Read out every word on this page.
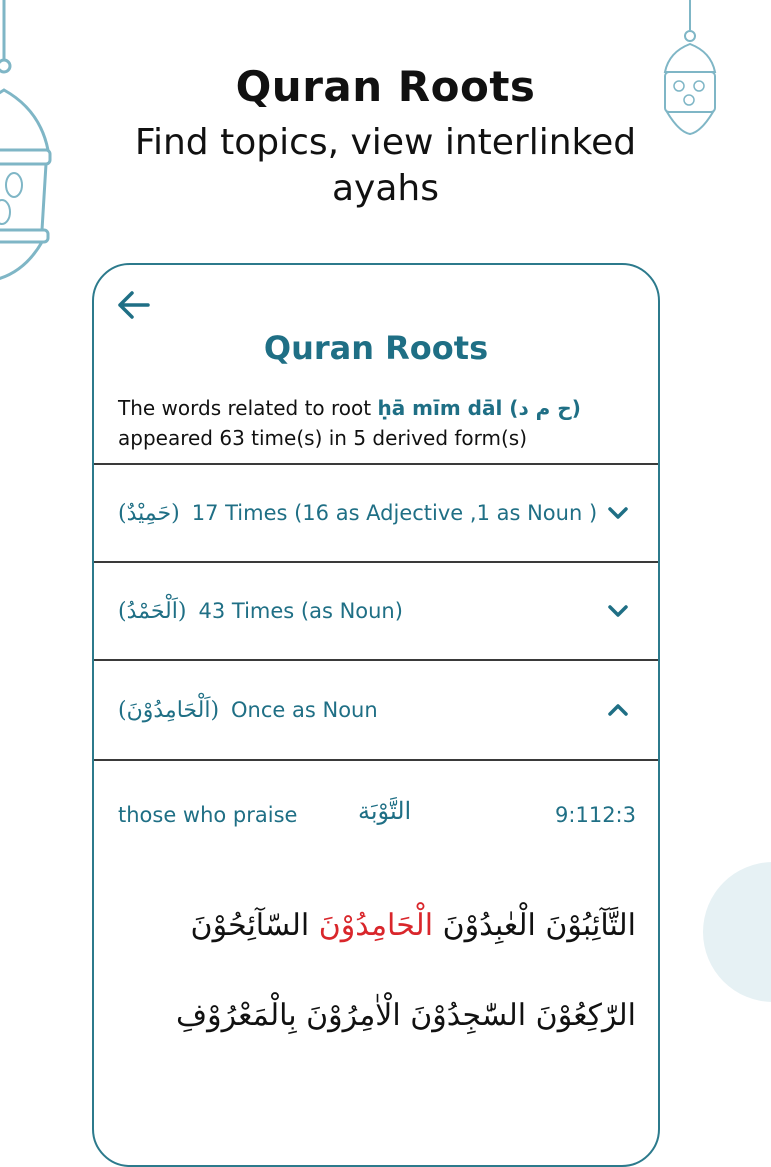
Quran Roots
Find topics, view interlinked ayahs
Quran Roots
The words related to root ḥā mīm dāl (ح م د)
appeared 63 time(s) in 5 derived form(s)
(حَمِيْدٌ) 17 Times (16 as Adjective ,1 as Noun )
(اَلْحَمْدُ) 43 Times (as Noun)
(اَلْحَامِدُوْنَ) Once as Noun
those who praise	التَّوْبَة	9:112:3
التَّآئِبُوْنَ الْعٰبِدُوْنَ الْحَامِدُوْنَ السّآئِحُوْنَ الرّٰكِعُوْنَ السّٰجِدُوْنَ الْاٰمِرُوْنَ بِالْمَعْرُوْفِ
